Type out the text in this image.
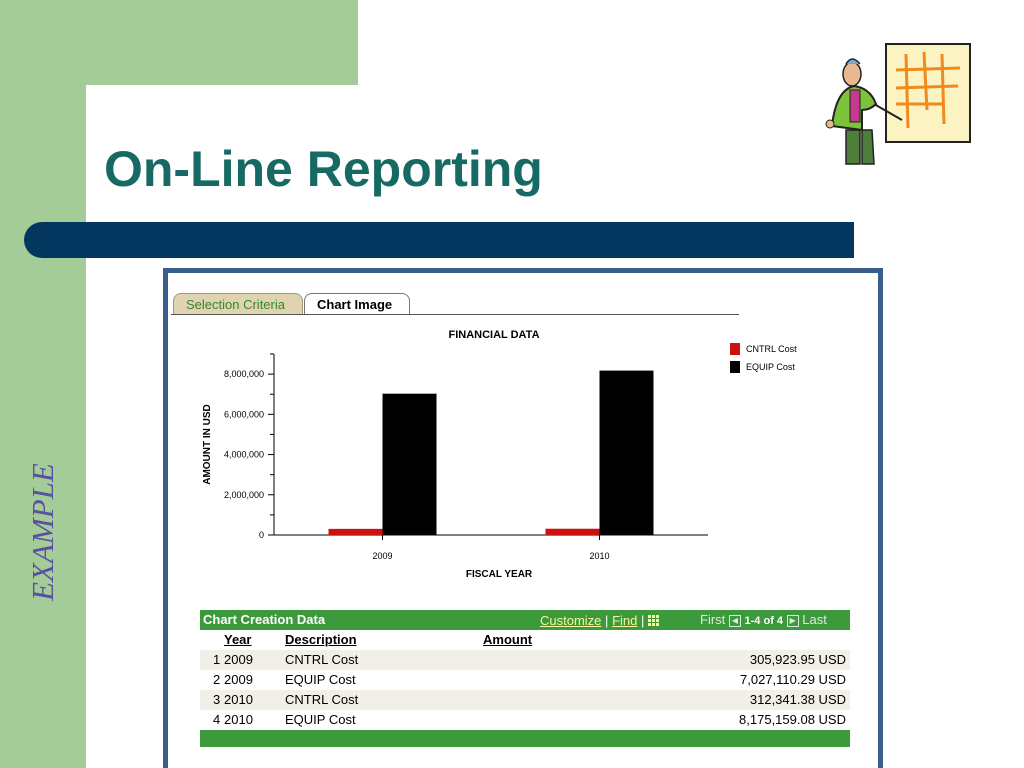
On-Line Reporting
EXAMPLE
Selection Criteria	Chart Image
FINANCIAL DATA
0
2,000,000
4,000,000
6,000,000
8,000,000
AMOUNT IN USD
2009	2010
FISCAL YEAR
CNTRL Cost
EQUIP Cost
Chart Creation Data	Customize | Find |	First ◀ 1-4 of 4 ▶ Last
Year	Description	Amount
1 2009 CNTRL Cost	305,923.95 USD
2 2009 EQUIP Cost	7,027,110.29 USD
3 2010 CNTRL Cost	312,341.38 USD
4 2010 EQUIP Cost	8,175,159.08 USD
